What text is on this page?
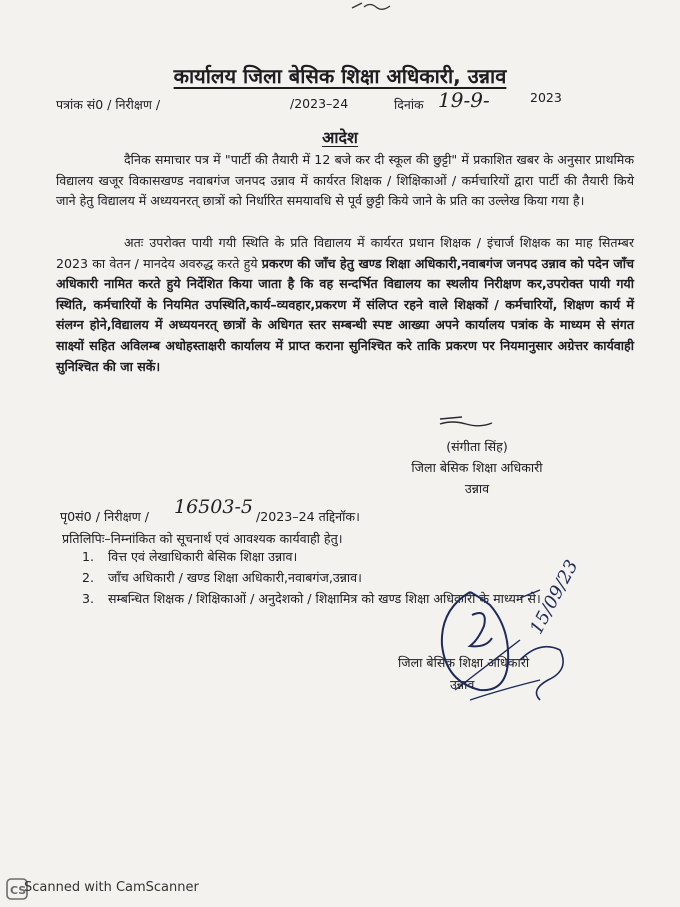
कार्यालय जिला बेसिक शिक्षा अधिकारी, उन्नाव
पत्रांक सं0 / निरीक्षण /	/2023–24	दिनांक 19-9-	2023
आदेश
दैनिक समाचार पत्र में "पार्टी की तैयारी में 12 बजे कर दी स्कूल की छुट्टी" में प्रकाशित खबर के अनुसार प्राथमिक विद्यालय खजूर विकासखण्ड नवाबगंज जनपद उन्नाव में कार्यरत शिक्षक / शिक्षिकाओं / कर्मचारियों द्वारा पार्टी की तैयारी किये जाने हेतु विद्यालय में अध्ययनरत् छात्रों को निर्धारित समयावधि से पूर्व छुट्टी किये जाने के प्रति का उल्लेख किया गया है।
अतः उपरोक्त पायी गयी स्थिति के प्रति विद्यालय में कार्यरत प्रधान शिक्षक / इंचार्ज शिक्षक का माह सितम्बर 2023 का वेतन / मानदेय अवरुद्ध करते हुये प्रकरण की जाँच हेतु खण्ड शिक्षा अधिकारी,नवाबगंज जनपद उन्नाव को पदेन जाँच अधिकारी नामित करते हुये निर्देशित किया जाता है कि वह सन्दर्भित विद्यालय का स्थलीय निरीक्षण कर,उपरोक्त पायी गयी स्थिति, कर्मचारियों के नियमित उपस्थिति,कार्य–व्यवहार,प्रकरण में संलिप्त रहने वाले शिक्षकों / कर्मचारियों, शिक्षण कार्य में संलग्न होने,विद्यालय में अध्ययनरत् छात्रों के अधिगत स्तर सम्बन्धी स्पष्ट आख्या अपने कार्यालय पत्रांक के माध्यम से संगत साक्ष्यों सहित अविलम्ब अधोहस्ताक्षरी कार्यालय में प्राप्त कराना सुनिश्चित करे ताकि प्रकरण पर नियमानुसार अग्रेत्तर कार्यवाही सुनिश्चित की जा सकें।
(संगीता सिंह)
जिला बेसिक शिक्षा अधिकारी
उन्नाव
पृ0सं0 / निरीक्षण / 16503-5 /2023–24 तद्दिनॉक।
प्रतिलिपिः–निम्नांकित को सूचनार्थ एवं आवश्यक कार्यवाही हेतु।
1. वित्त एवं लेखाधिकारी बेसिक शिक्षा उन्नाव।
2. जाँच अधिकारी / खण्ड शिक्षा अधिकारी,नवाबगंज,उन्नाव।
3. सम्बन्धित शिक्षक / शिक्षिकाओं / अनुदेशको / शिक्षामित्र को खण्ड शिक्षा अधिकारी के माध्यम से।
जिला बेसिक शिक्षा अधिकारी
उन्नाव
15/09/23
CS
Scanned with CamScanner
